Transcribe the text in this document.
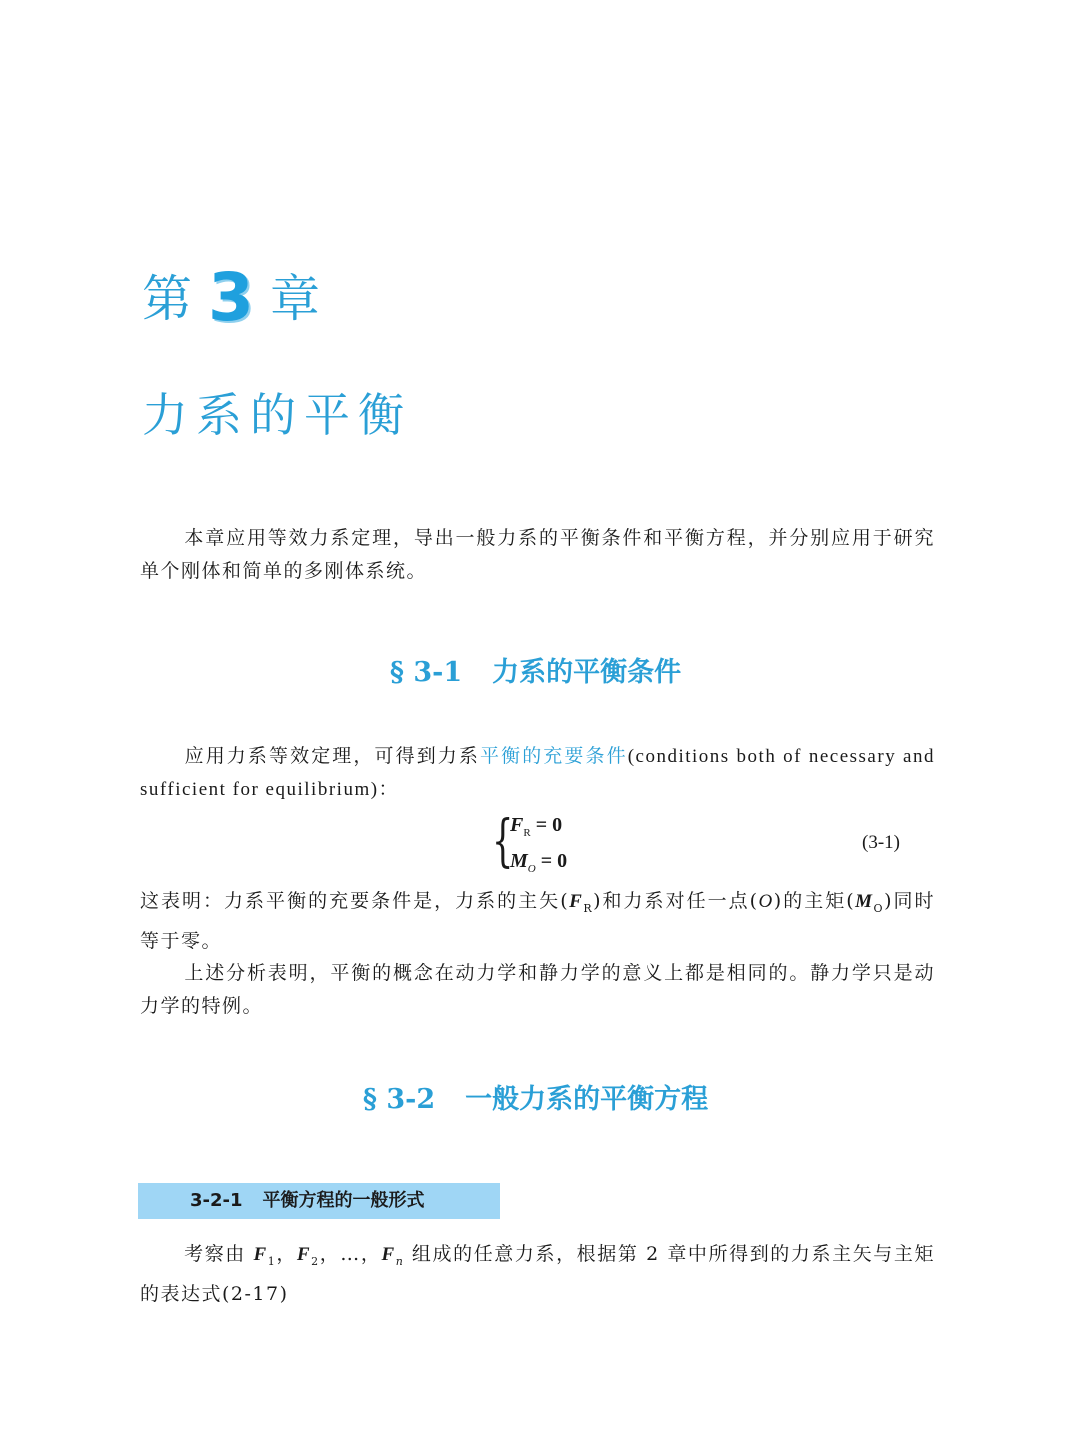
第 3 章
力系的平衡
本章应用等效力系定理，导出一般力系的平衡条件和平衡方程，并分别应用于研究单个刚体和简单的多刚体系统。
§ 3-1 力系的平衡条件
应用力系等效定理，可得到力系平衡的充要条件(conditions both of necessary and sufficient for equilibrium)：
{
$F_R = 0$
$M_O = 0$
(3-1)
这表明：力系平衡的充要条件是，力系的主矢$(F_R)$和力系对任一点(O)的主矩$(M_O)$同时等于零。
上述分析表明，平衡的概念在动力学和静力学的意义上都是相同的。静力学只是动力学的特例。
§ 3-2 一般力系的平衡方程
3-2-1 平衡方程的一般形式
考察由 $F_1$，$F_2$，…，$F_n$ 组成的任意力系，根据第 2 章中所得到的力系主矢与主矩的表达式(2-17)
